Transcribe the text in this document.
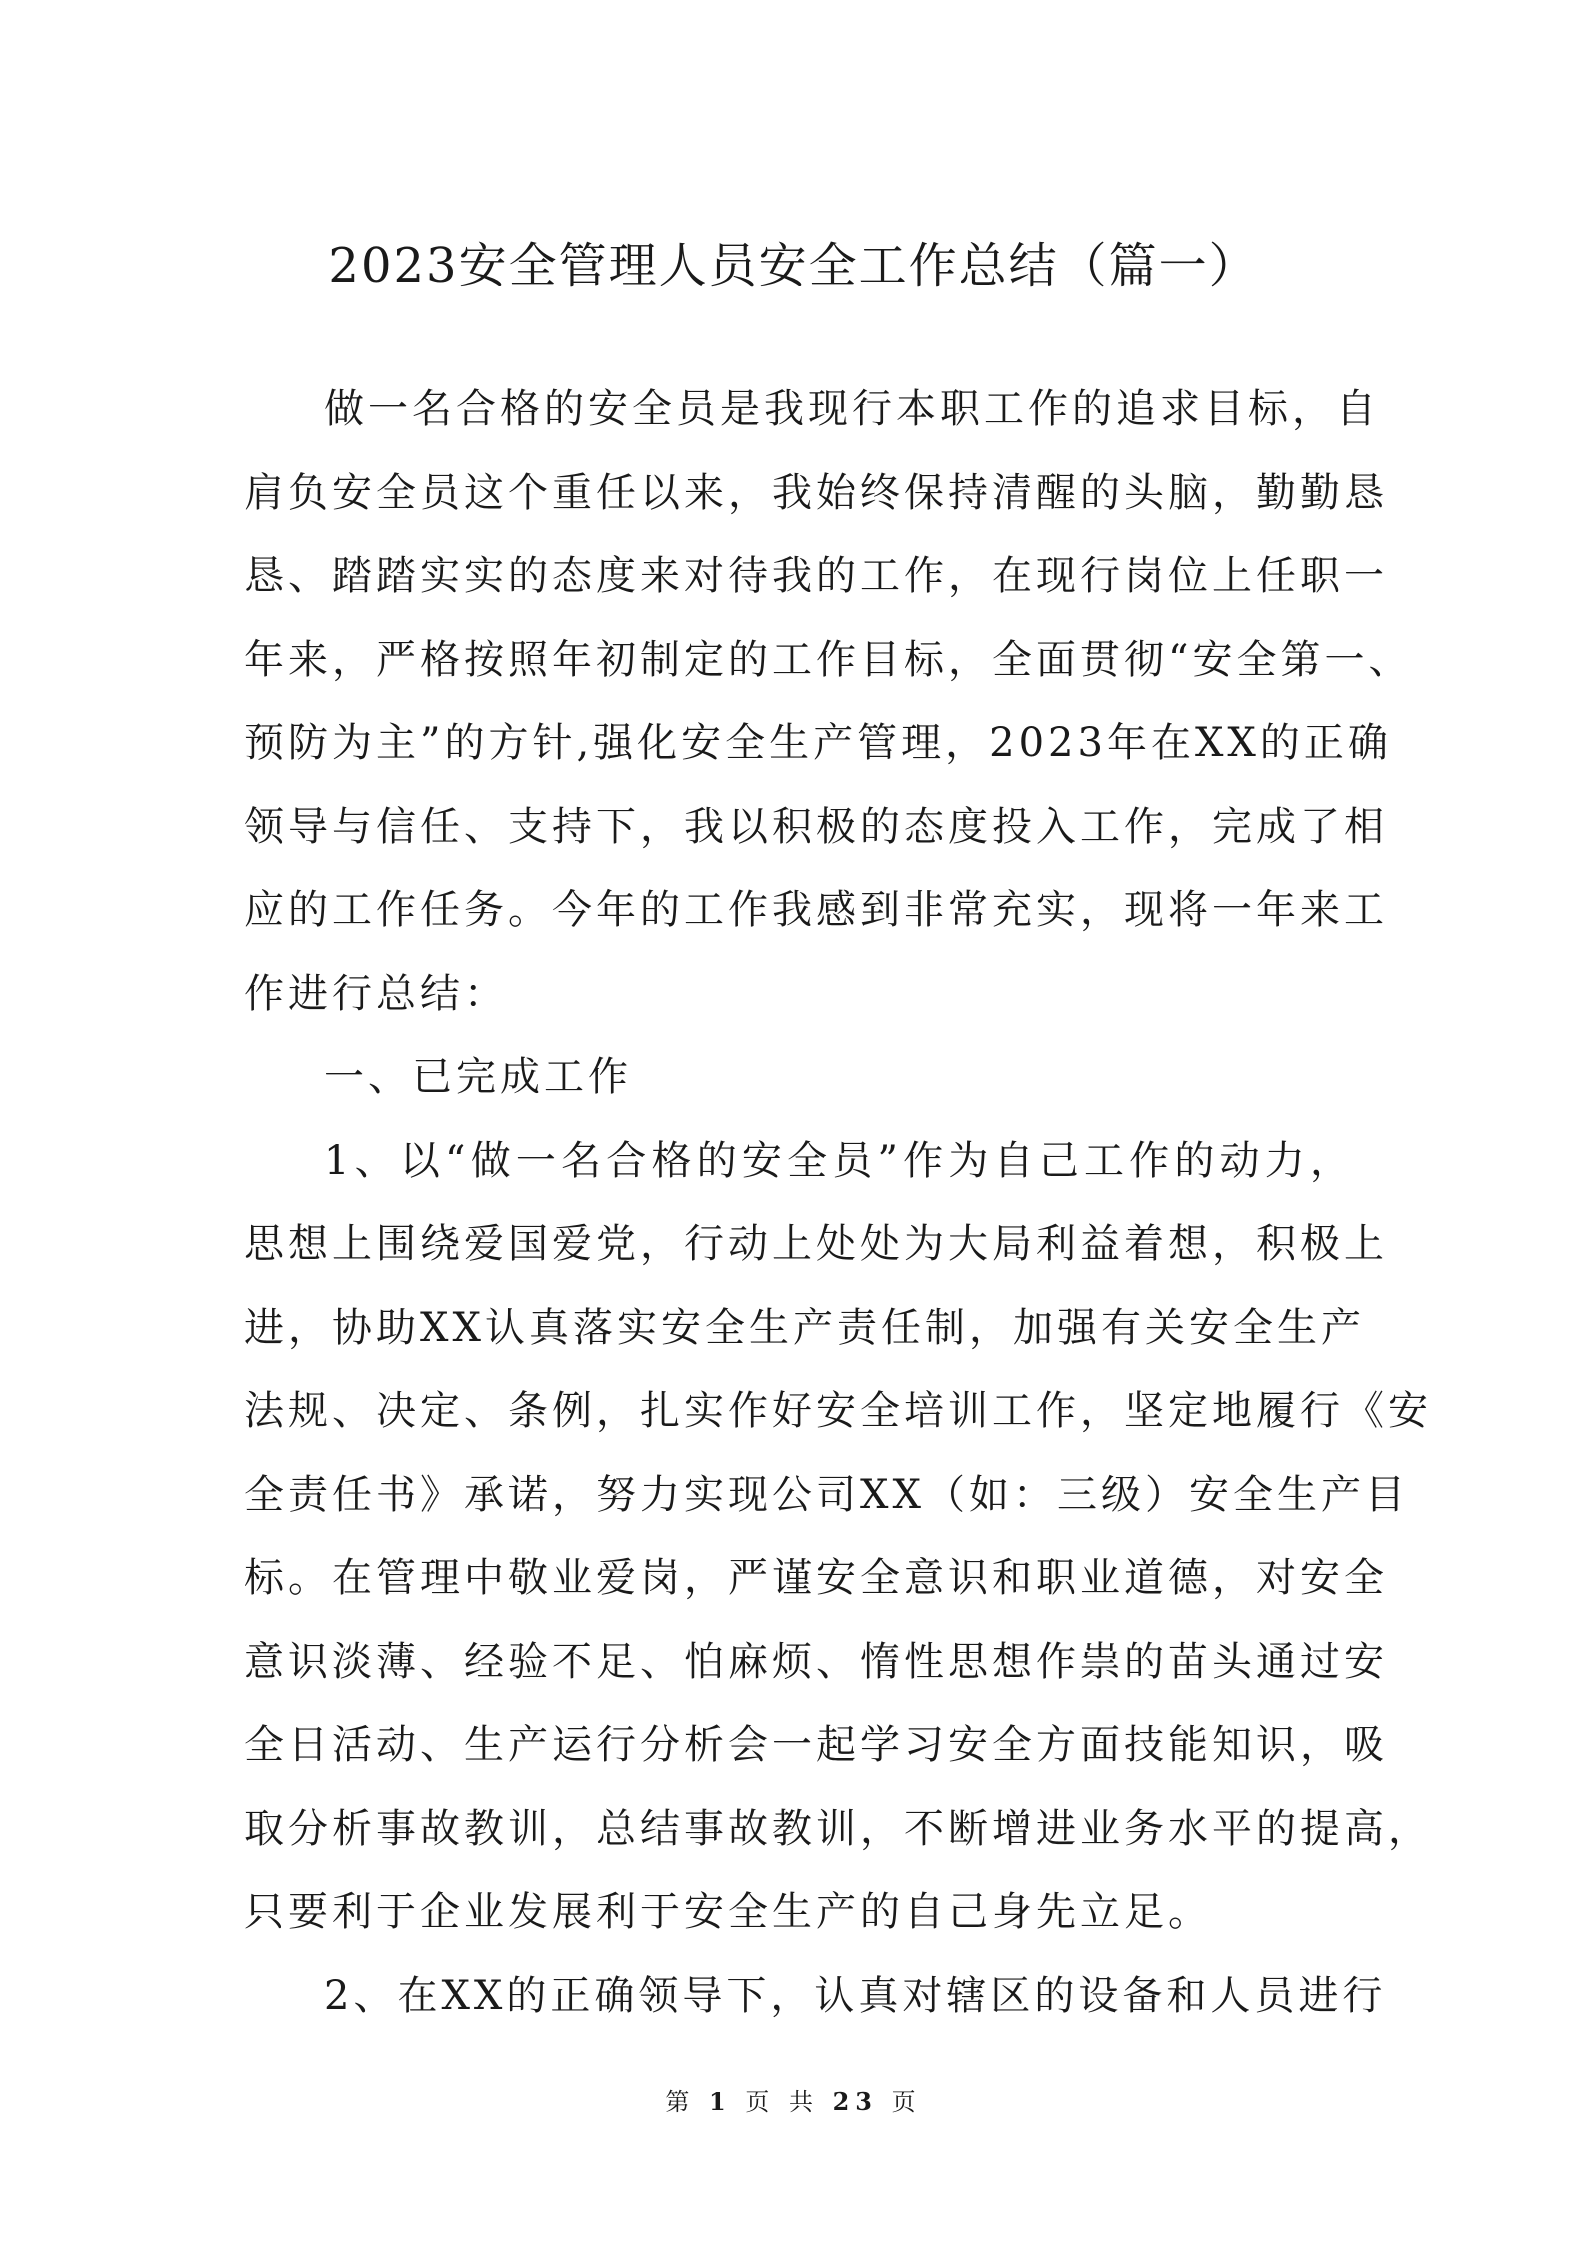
2023安全管理人员安全工作总结（篇一）

做一名合格的安全员是我现行本职工作的追求目标，自
肩负安全员这个重任以来，我始终保持清醒的头脑，勤勤恳
恳、踏踏实实的态度来对待我的工作，在现行岗位上任职一
年来，严格按照年初制定的工作目标，全面贯彻“安全第一、
预防为主”的方针,强化安全生产管理，2023年在XX的正确
领导与信任、支持下，我以积极的态度投入工作，完成了相
应的工作任务。今年的工作我感到非常充实，现将一年来工
作进行总结：

一、已完成工作

1、以“做一名合格的安全员”作为自己工作的动力，
思想上围绕爱国爱党，行动上处处为大局利益着想，积极上
进，协助XX认真落实安全生产责任制，加强有关安全生产
法规、决定、条例，扎实作好安全培训工作，坚定地履行《安
全责任书》承诺，努力实现公司XX（如：三级）安全生产目
标。在管理中敬业爱岗，严谨安全意识和职业道德，对安全
意识淡薄、经验不足、怕麻烦、惰性思想作祟的苗头通过安
全日活动、生产运行分析会一起学习安全方面技能知识，吸
取分析事故教训，总结事故教训，不断增进业务水平的提高，
只要利于企业发展利于安全生产的自己身先立足。

2、在XX的正确领导下，认真对辖区的设备和人员进行

第 1 页 共 23 页
